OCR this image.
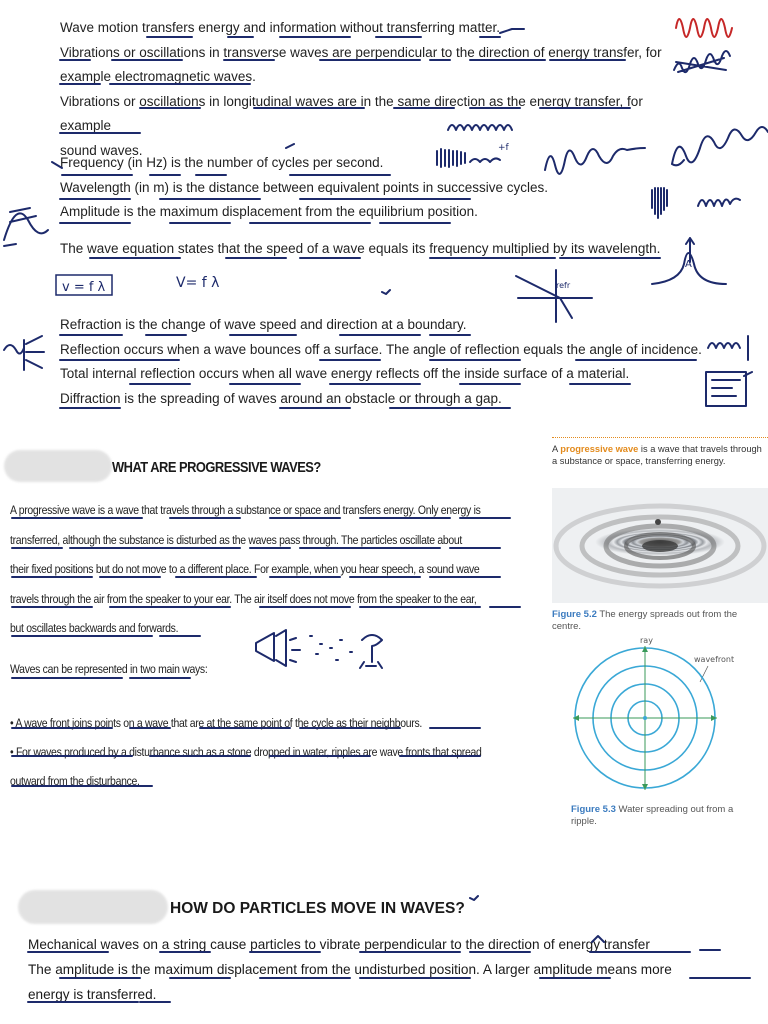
Wave motion transfers energy and information without transferring matter.
Vibrations or oscillations in transverse waves are perpendicular to the direction of energy transfer, for
example electromagnetic waves.
Vibrations or oscillations in longitudinal waves are in the same direction as the energy transfer, for example
sound waves.
Frequency (in Hz) is the number of cycles per second.
Wavelength (in m) is the distance between equivalent points in successive cycles.
Amplitude is the maximum displacement from the equilibrium position.
The wave equation states that the speed of a wave equals its frequency multiplied by its wavelength.
Refraction is the change of wave speed and direction at a boundary.
Reflection occurs when a wave bounces off a surface. The angle of reflection equals the angle of incidence.
Total internal reflection occurs when all wave energy reflects off the inside surface of a material.
Diffraction is the spreading of waves around an obstacle or through a gap.
+f
v = f λ	V= f λ	refr
A
WHAT ARE PROGRESSIVE WAVES?
A progressive wave is a wave that travels through a substance or space and transfers energy. Only energy is
transferred, although the substance is disturbed as the waves pass through. The particles oscillate about
their fixed positions but do not move to a different place. For example, when you hear speech, a sound wave
travels through the air from the speaker to your ear. The air itself does not move from the speaker to the ear,
but oscillates backwards and forwards.
Waves can be represented in two main ways:
• A wave front joins points on a wave that are at the same point of the cycle as their neighbours.
• For waves produced by a disturbance such as a stone dropped in water, ripples are wave fronts that spread
outward from the disturbance.
A progressive wave is a wave that travels through a substance or space, transferring energy.
Figure 5.2 The energy spreads out from the centre.
ray
wavefront
Figure 5.3 Water spreading out from a ripple.
HOW DO PARTICLES MOVE IN WAVES?
Mechanical waves on a string cause particles to vibrate perpendicular to the direction of energy transfer
The amplitude is the maximum displacement from the undisturbed position. A larger amplitude means more
energy is transferred.
